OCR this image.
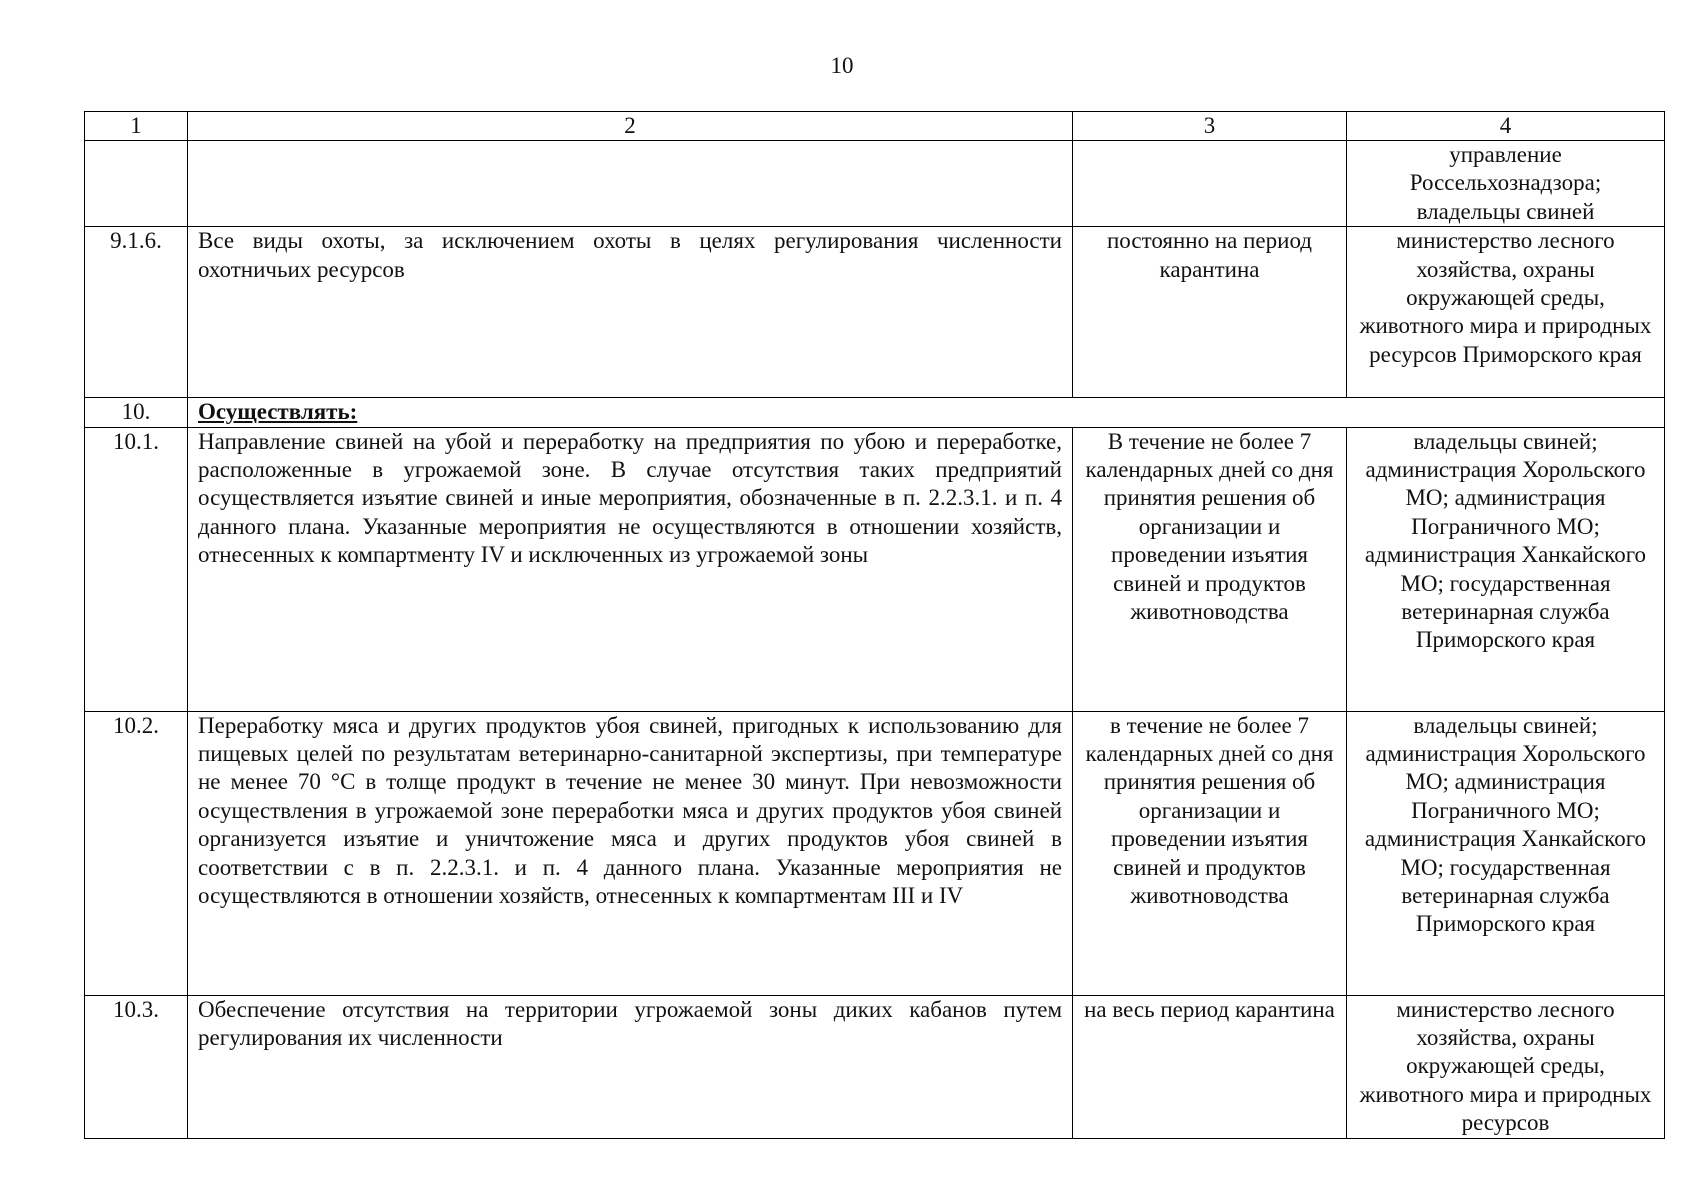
10
1	2	3	4
			управление Россельхознадзора; владельцы свиней
9.1.6.	Все виды охоты, за исключением охоты в целях регулирования численности охотничьих ресурсов	постоянно на период карантина	министерство лесного хозяйства, охраны окружающей среды, животного мира и природных ресурсов Приморского края
10.	Осуществлять:		
10.1.	Направление свиней на убой и переработку на предприятия по убою и переработке, расположенные в угрожаемой зоне. В случае отсутствия таких предприятий осуществляется изъятие свиней и иные мероприятия, обозначенные в п. 2.2.3.1. и п. 4 данного плана. Указанные мероприятия не осуществляются в отношении хозяйств, отнесенных к компартменту IV и исключенных из угрожаемой зоны	В течение не более 7 календарных дней со дня принятия решения об организации и проведении изъятия свиней и продуктов животноводства	владельцы свиней; администрация Хорольского МО; администрация Пограничного МО; администрация Ханкайского МО; государственная ветеринарная служба Приморского края
10.2.	Переработку мяса и других продуктов убоя свиней, пригодных к использованию для пищевых целей по результатам ветеринарно-санитарной экспертизы, при температуре не менее 70 °С в толще продукт в течение не менее 30 минут. При невозможности осуществления в угрожаемой зоне переработки мяса и других продуктов убоя свиней организуется изъятие и уничтожение мяса и других продуктов убоя свиней в соответствии с в п. 2.2.3.1. и п. 4 данного плана. Указанные мероприятия не осуществляются в отношении хозяйств, отнесенных к компартментам III и IV	в течение не более 7 календарных дней со дня принятия решения об организации и проведении изъятия свиней и продуктов животноводства	владельцы свиней; администрация Хорольского МО; администрация Пограничного МО; администрация Ханкайского МО; государственная ветеринарная служба Приморского края
10.3.	Обеспечение отсутствия на территории угрожаемой зоны диких кабанов путем регулирования их численности	на весь период карантина	министерство лесного хозяйства, охраны окружающей среды, животного мира и природных ресурсов
